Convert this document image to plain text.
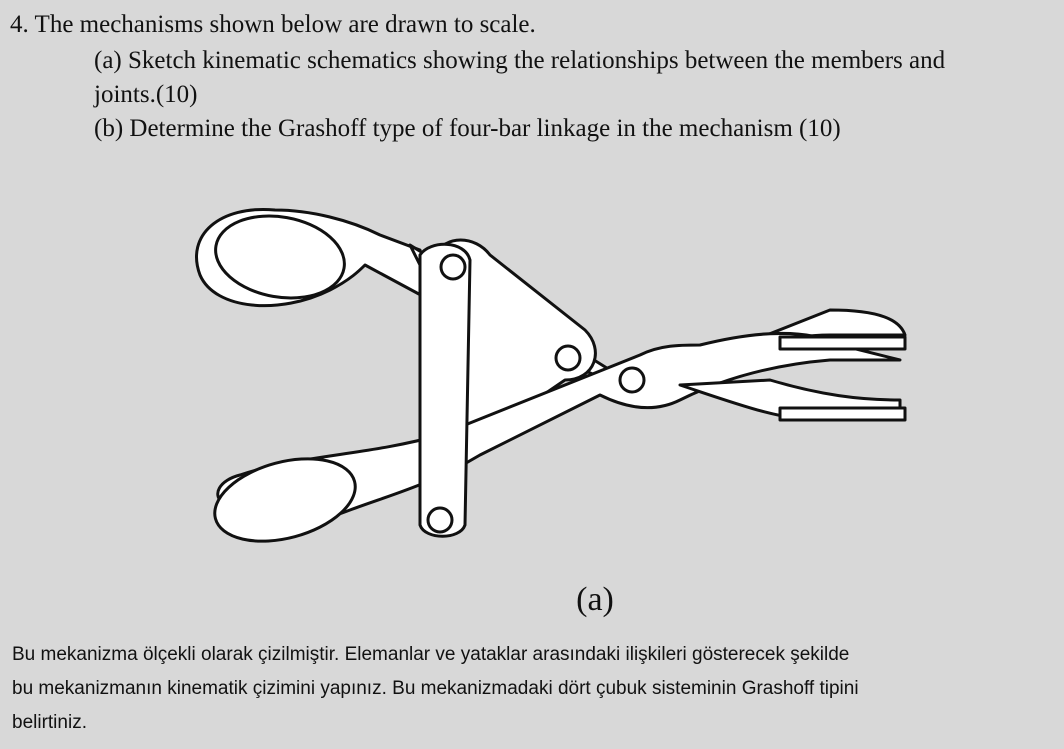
4. The mechanisms shown below are drawn to scale.
(a) Sketch kinematic schematics showing the relationships between the members and
joints.(10)
(b) Determine the Grashoff type of four-bar linkage in the mechanism (10)
(a)
Bu mekanizma ölçekli olarak çizilmiştir. Elemanlar ve yataklar arasındaki ilişkileri gösterecek şekilde
bu mekanizmanın kinematik çizimini yapınız. Bu mekanizmadaki dört çubuk sisteminin Grashoff tipini
belirtiniz.
